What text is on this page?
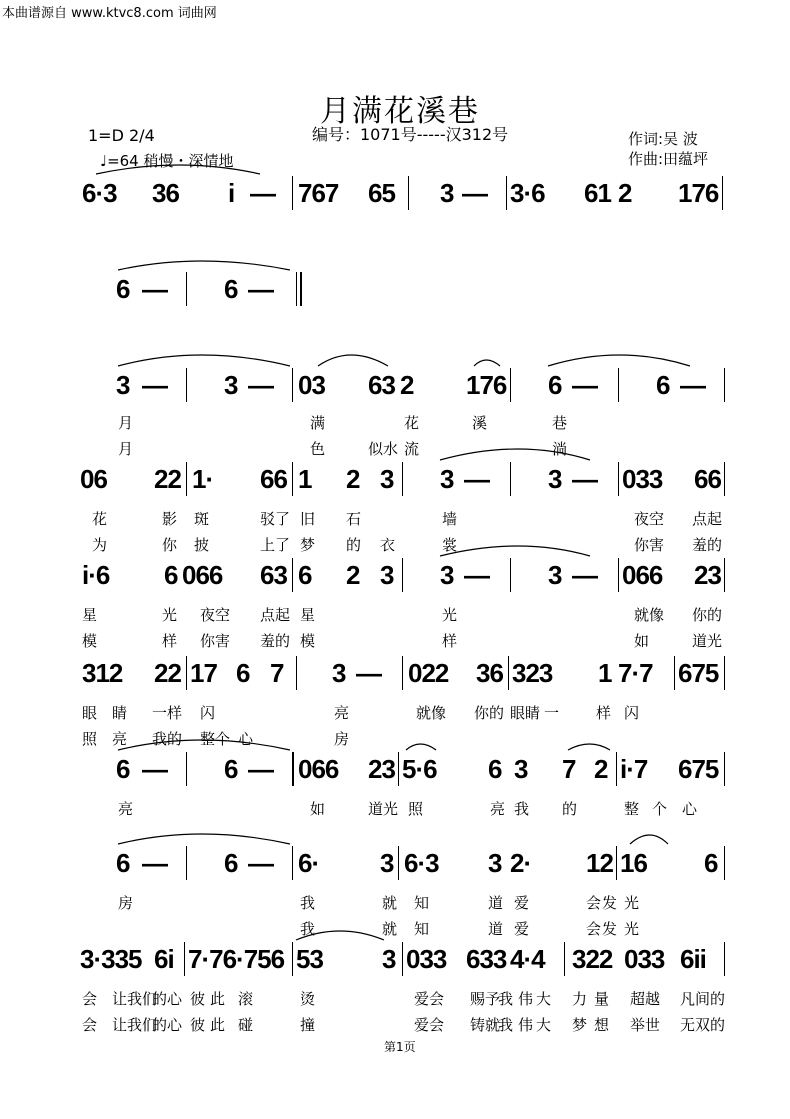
本曲谱源自 www.ktvc8.com 词曲网
月满花溪巷
编号：1071号-----汉312号
1=D 2/4
♩=64 稍慢・深情地
作词:吴 波
作曲:田蕴坪
6·3 36 i — 767 65 3 — 3·6 61 2 176
6 — 6 —
3 — 3 — 03 63 2 176 6 — 6 —
月	满	花	溪	巷
月	色	似水 流	淌
06 22 1· 66 1 2 3 3 — 3 — 033 66
花	影 斑	驳了 旧 石	墙	夜空 点起
为	你 披	上了 梦 的 衣	裳	你害 羞的
i·6 6 066 63 6 2 3 3 — 3 — 066 23
星	光 夜空 点起 星	光	就像 你的
模	样 你害 羞的 模	样	如	道光
312 22 17 6 7 3 — 022 36 323 1 7·7 675
眼 睛 一样 闪	亮	就像 你的 眼睛 一 样 闪
照 亮 我的 整个 心	房
6 — 6 — 066 23 5·6 6 3 7 2 i·7 675
亮	如	道光 照	亮 我 的	整 个 心
6 — 6 — 6· 3 6·3 3 2· 12 16 6
房	我	就 知	道 爱	会 发 光
我	就 知	道 爱	会 发 光
3·335 6i 7·76·756 53 3 033 633 4·4 322 033 6ii
会 让我们
的心 彼 此 滚	烫	爱会 赐予
我 伟 大 力 量 超越 凡间的
会 让我们
的心 彼 此 碰	撞	爱会 铸就
我 伟 大 梦 想 举世 无双的
第1页
